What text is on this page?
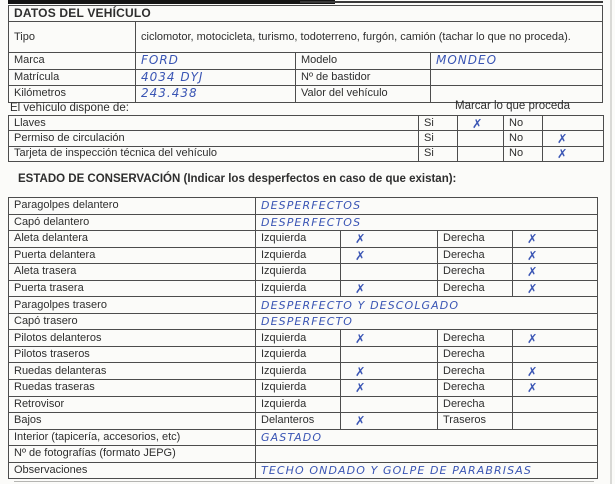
DATOS DEL VEHÍCULO			
Tipo	ciclomotor, motocicleta, turismo, todoterreno, furgón, camión (tachar lo que no proceda).		
Marca	FORD	Modelo	MONDEO
Matrícula	4034 DYJ	Nº de bastidor	
Kilómetros	243.438	Valor del vehículo	
El vehículo dispone de:	Marcar lo que proceda
Llaves	Si	✗	No	
Permiso de circulación	Si		No	✗
Tarjeta de inspección técnica del vehículo	Si		No	✗
ESTADO DE CONSERVACIÓN (Indicar los desperfectos en caso de que existan):
Paragolpes delantero	DESPERFECTOS			
Capó delantero	DESPERFECTOS			
Aleta delantera	Izquierda	✗	Derecha	✗
Puerta delantera	Izquierda	✗	Derecha	✗
Aleta trasera	Izquierda		Derecha	✗
Puerta trasera	Izquierda	✗	Derecha	✗
Paragolpes trasero	DESPERFECTO Y DESCOLGADO			
Capó trasero	DESPERFECTO			
Pilotos delanteros	Izquierda	✗	Derecha	✗
Pilotos traseros	Izquierda		Derecha	
Ruedas delanteras	Izquierda	✗	Derecha	✗
Ruedas traseras	Izquierda	✗	Derecha	✗
Retrovisor	Izquierda		Derecha	
Bajos	Delanteros	✗	Traseros	
Interior (tapicería, accesorios, etc)	GASTADO			
Nº de fotografías (formato JEPG)				
Observaciones	TECHO ONDADO Y GOLPE DE PARABRISAS			
